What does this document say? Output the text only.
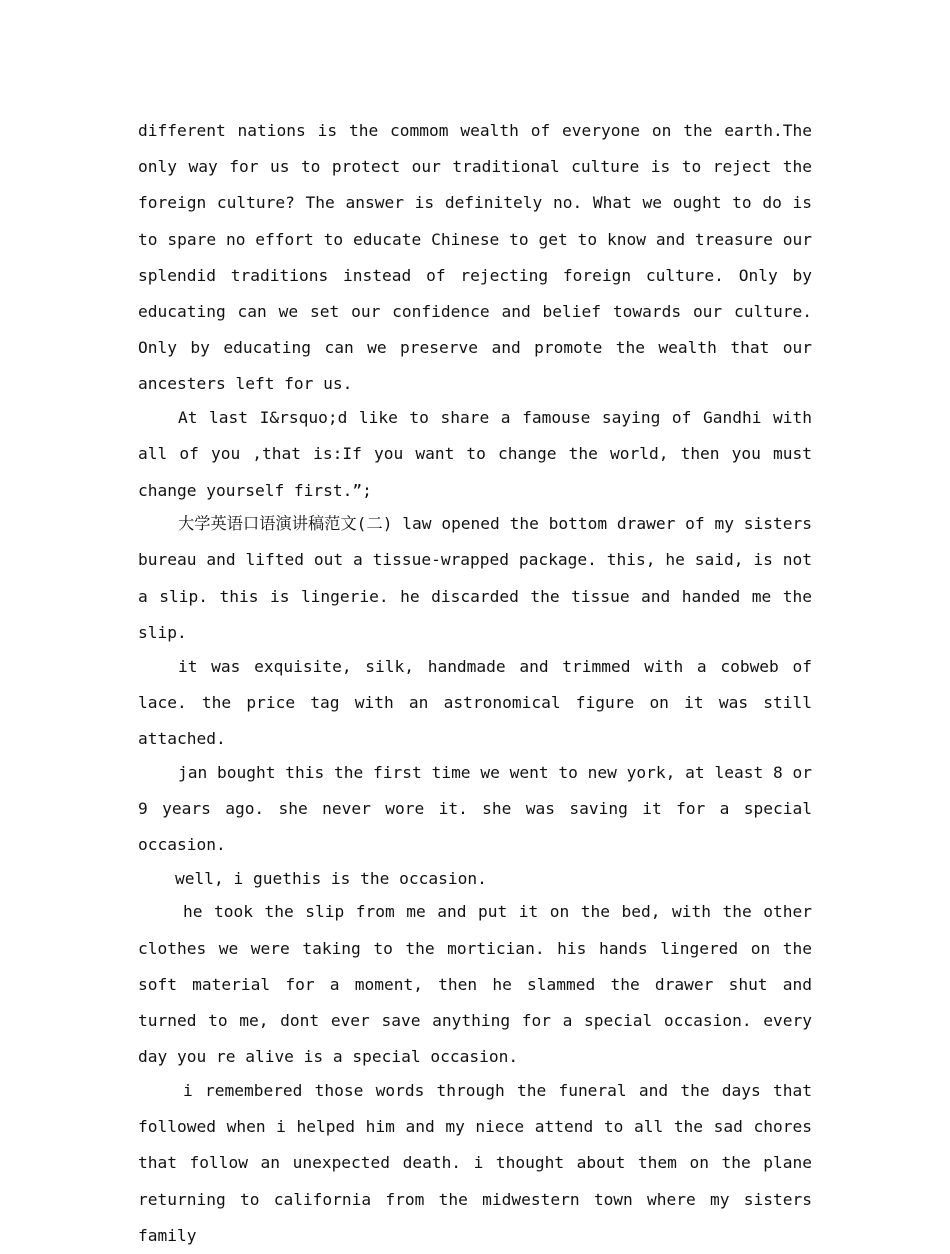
different nations is the commom wealth of everyone on the earth.The only way for us to protect our traditional culture is to reject the foreign culture? The answer is definitely no. What we ought to do is to spare no effort to educate Chinese to get to know and treasure our splendid traditions instead of rejecting foreign culture. Only by educating can we set our confidence and belief towards our culture. Only by educating can we preserve and promote the wealth that our ancesters left for us.

At last I&rsquo;d like to share a famouse saying of Gandhi with all of you ,that is:If you want to change the world, then you must change yourself first.”;

大学英语口语演讲稿范文(二) law opened the bottom drawer of my sisters bureau and lifted out a tissue-wrapped package. this, he said, is not a slip. this is lingerie. he discarded the tissue and handed me the slip.

it was exquisite, silk, handmade and trimmed with a cobweb of lace. the price tag with an astronomical figure on it was still attached.

jan bought this the first time we went to new york, at least 8 or 9 years ago. she never wore it. she was saving it for a special occasion.

well, i guethis is the occasion.

he took the slip from me and put it on the bed, with the other clothes we were taking to the mortician. his hands lingered on the soft material for a moment, then he slammed the drawer shut and turned to me, dont ever save anything for a special occasion. every day you re alive is a special occasion.

i remembered those words through the funeral and the days that followed when i helped him and my niece attend to all the sad chores that follow an unexpected death. i thought about them on the plane returning to california from the midwestern town where my sisters family
